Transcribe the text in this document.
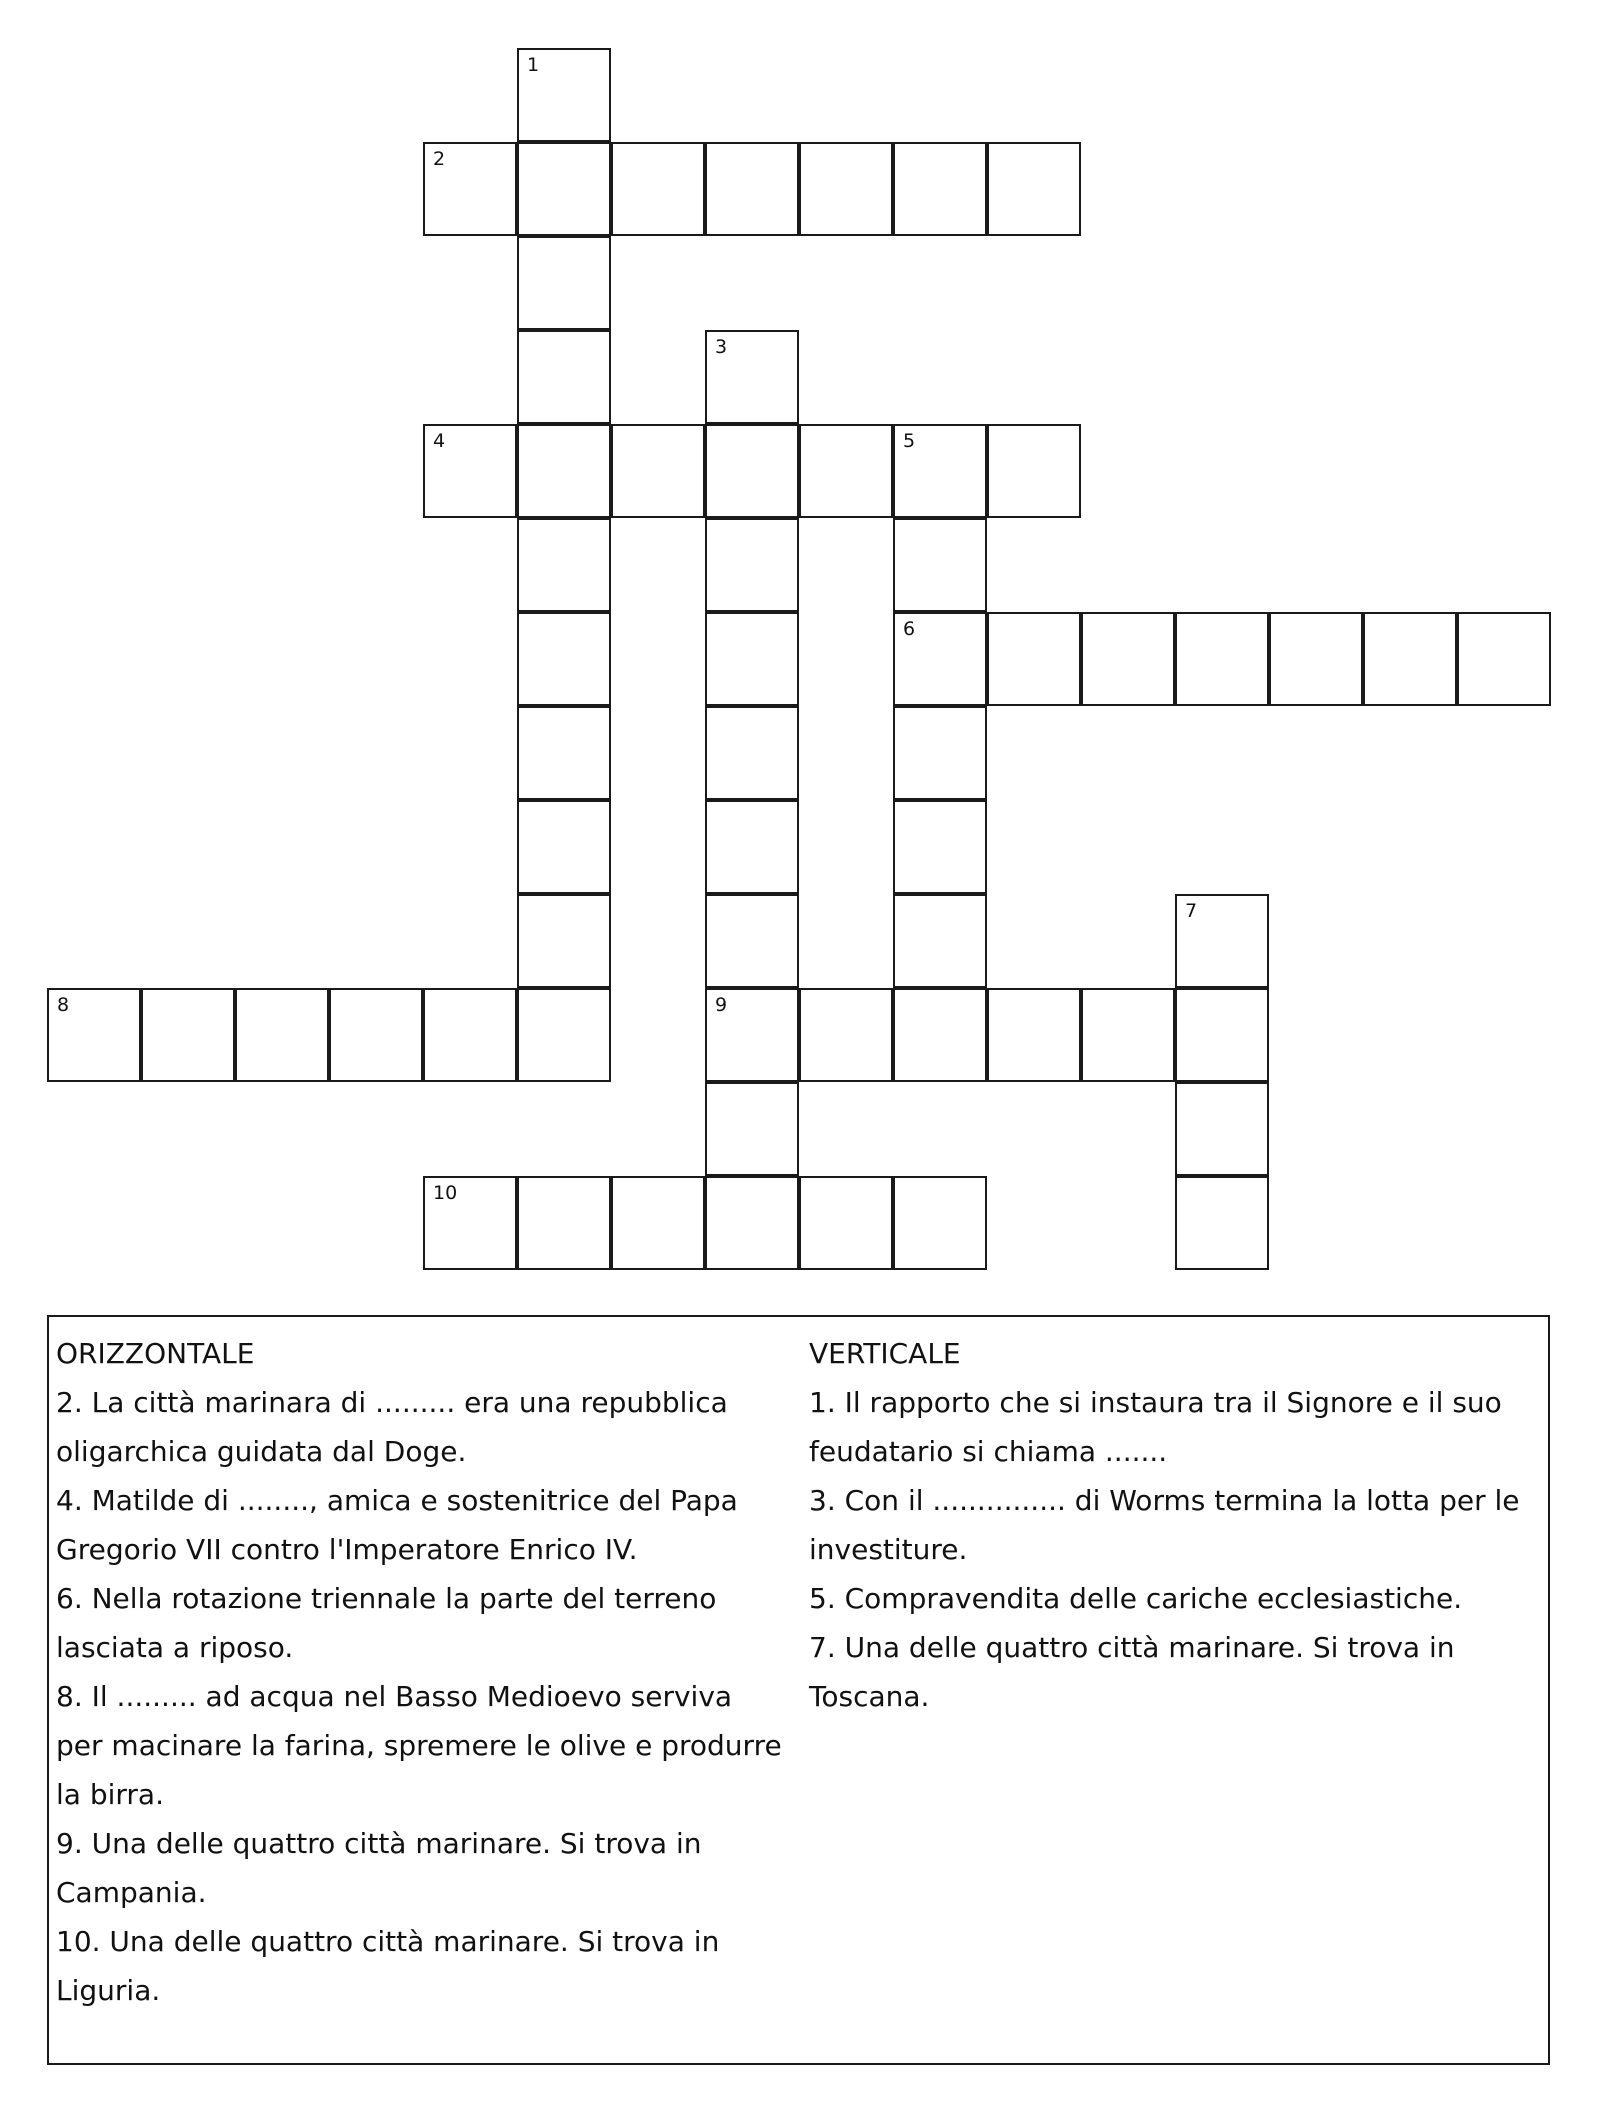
1
2
3
9
4	5
6
7
8
10

ORIZZONTALE

2. La città marinara di ......... era una repubblica oligarchica guidata dal Doge.

4. Matilde di ........, amica e sostenitrice del Papa Gregorio VII contro l'Imperatore Enrico IV.

6. Nella rotazione triennale la parte del terreno lasciata a riposo.

8. Il ......... ad acqua nel Basso Medioevo serviva per macinare la farina, spremere le olive e produrre la birra.

9. Una delle quattro città marinare. Si trova in Campania.

10. Una delle quattro città marinare. Si trova in Liguria.

VERTICALE

1. Il rapporto che si instaura tra il Signore e il suo feudatario si chiama .......

3. Con il ............... di Worms termina la lotta per le investiture.

5. Compravendita delle cariche ecclesiastiche.

7. Una delle quattro città marinare. Si trova in Toscana.
